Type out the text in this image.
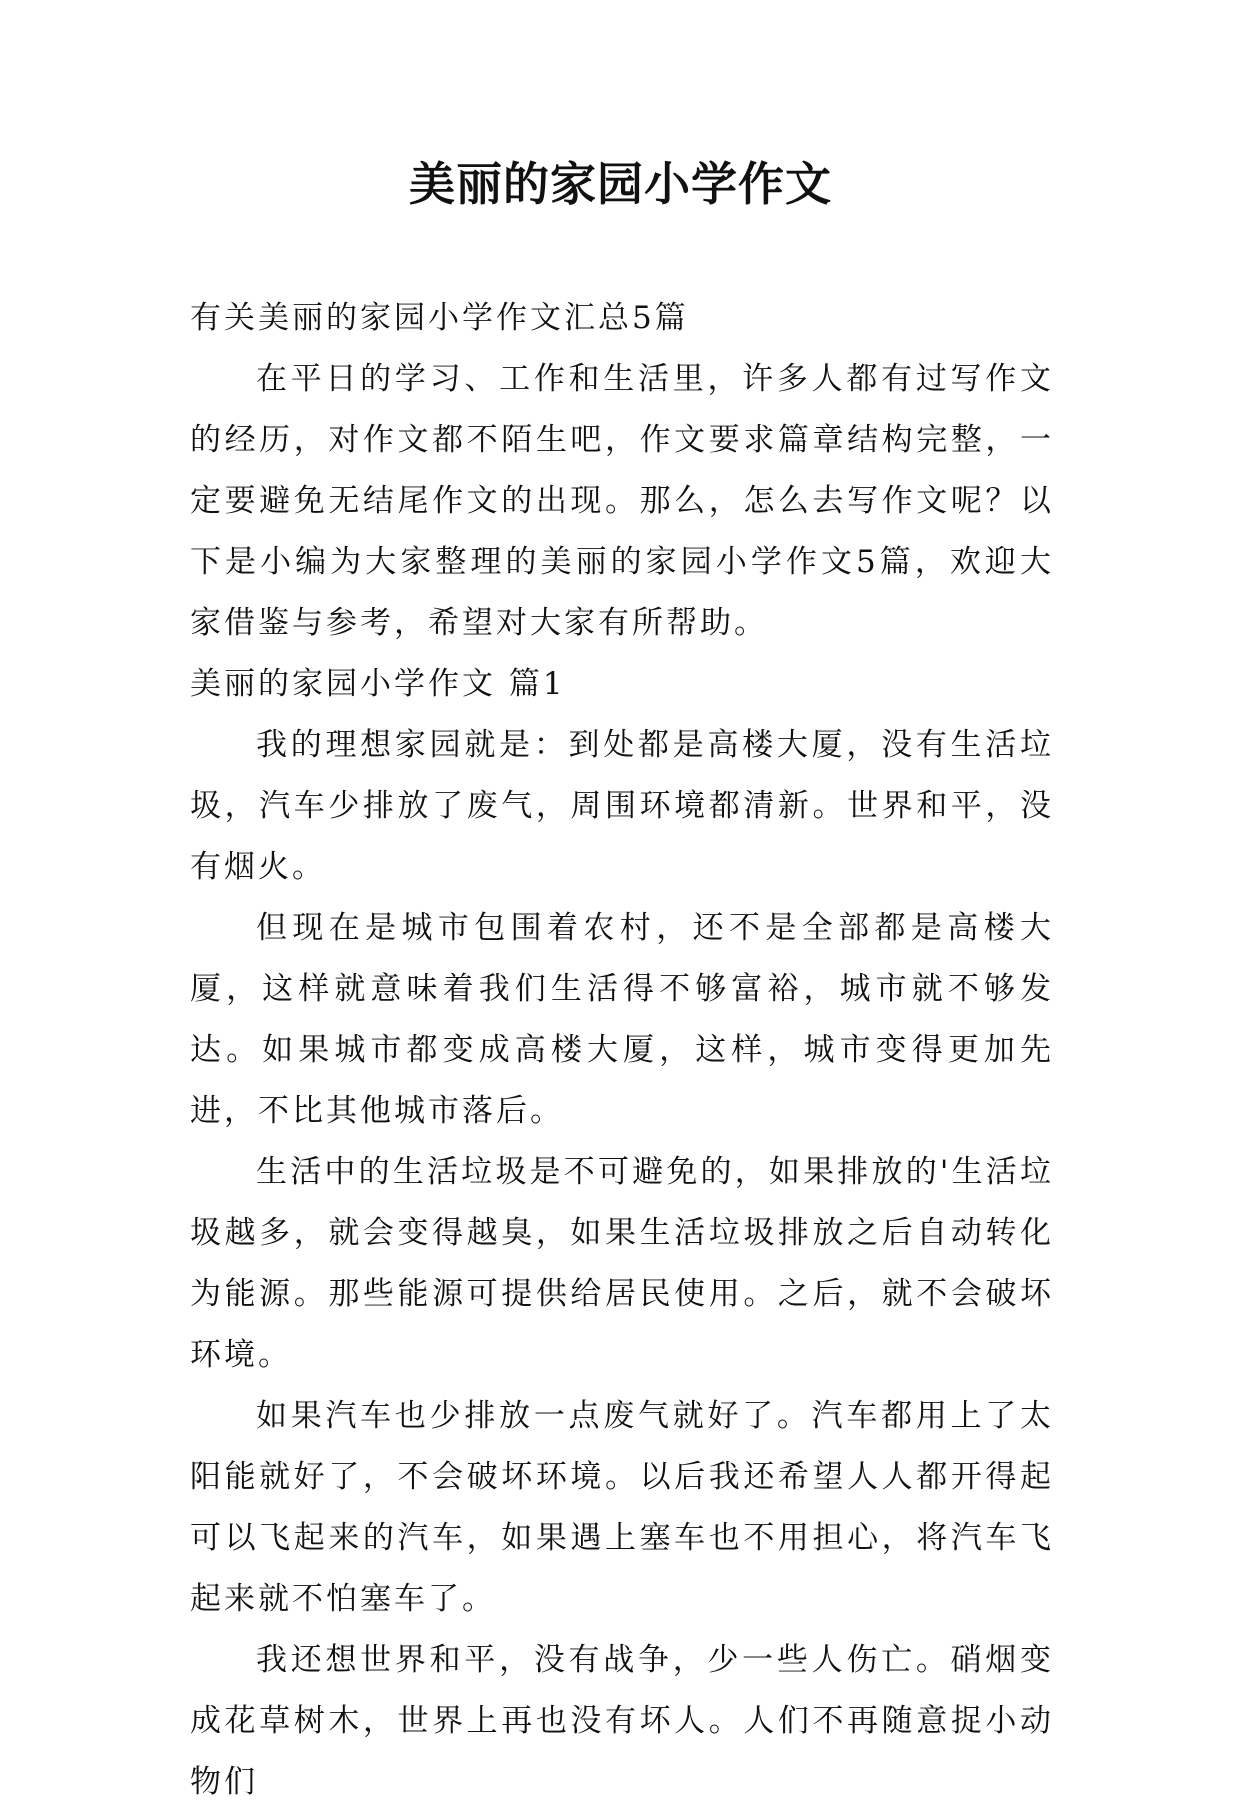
美丽的家园小学作文

有关美丽的家园小学作文汇总5篇

在平日的学习、工作和生活里，许多人都有过写作文的经历，对作文都不陌生吧，作文要求篇章结构完整，一定要避免无结尾作文的出现。那么，怎么去写作文呢？以下是小编为大家整理的美丽的家园小学作文5篇，欢迎大家借鉴与参考，希望对大家有所帮助。

美丽的家园小学作文 篇1

我的理想家园就是：到处都是高楼大厦，没有生活垃圾，汽车少排放了废气，周围环境都清新。世界和平，没有烟火。

但现在是城市包围着农村，还不是全部都是高楼大厦，这样就意味着我们生活得不够富裕，城市就不够发达。如果城市都变成高楼大厦，这样，城市变得更加先进，不比其他城市落后。

生活中的生活垃圾是不可避免的，如果排放的'生活垃圾越多，就会变得越臭，如果生活垃圾排放之后自动转化为能源。那些能源可提供给居民使用。之后，就不会破坏环境。

如果汽车也少排放一点废气就好了。汽车都用上了太阳能就好了，不会破坏环境。以后我还希望人人都开得起可以飞起来的汽车，如果遇上塞车也不用担心，将汽车飞起来就不怕塞车了。

我还想世界和平，没有战争，少一些人伤亡。硝烟变成花草树木，世界上再也没有坏人。人们不再随意捉小动物们
